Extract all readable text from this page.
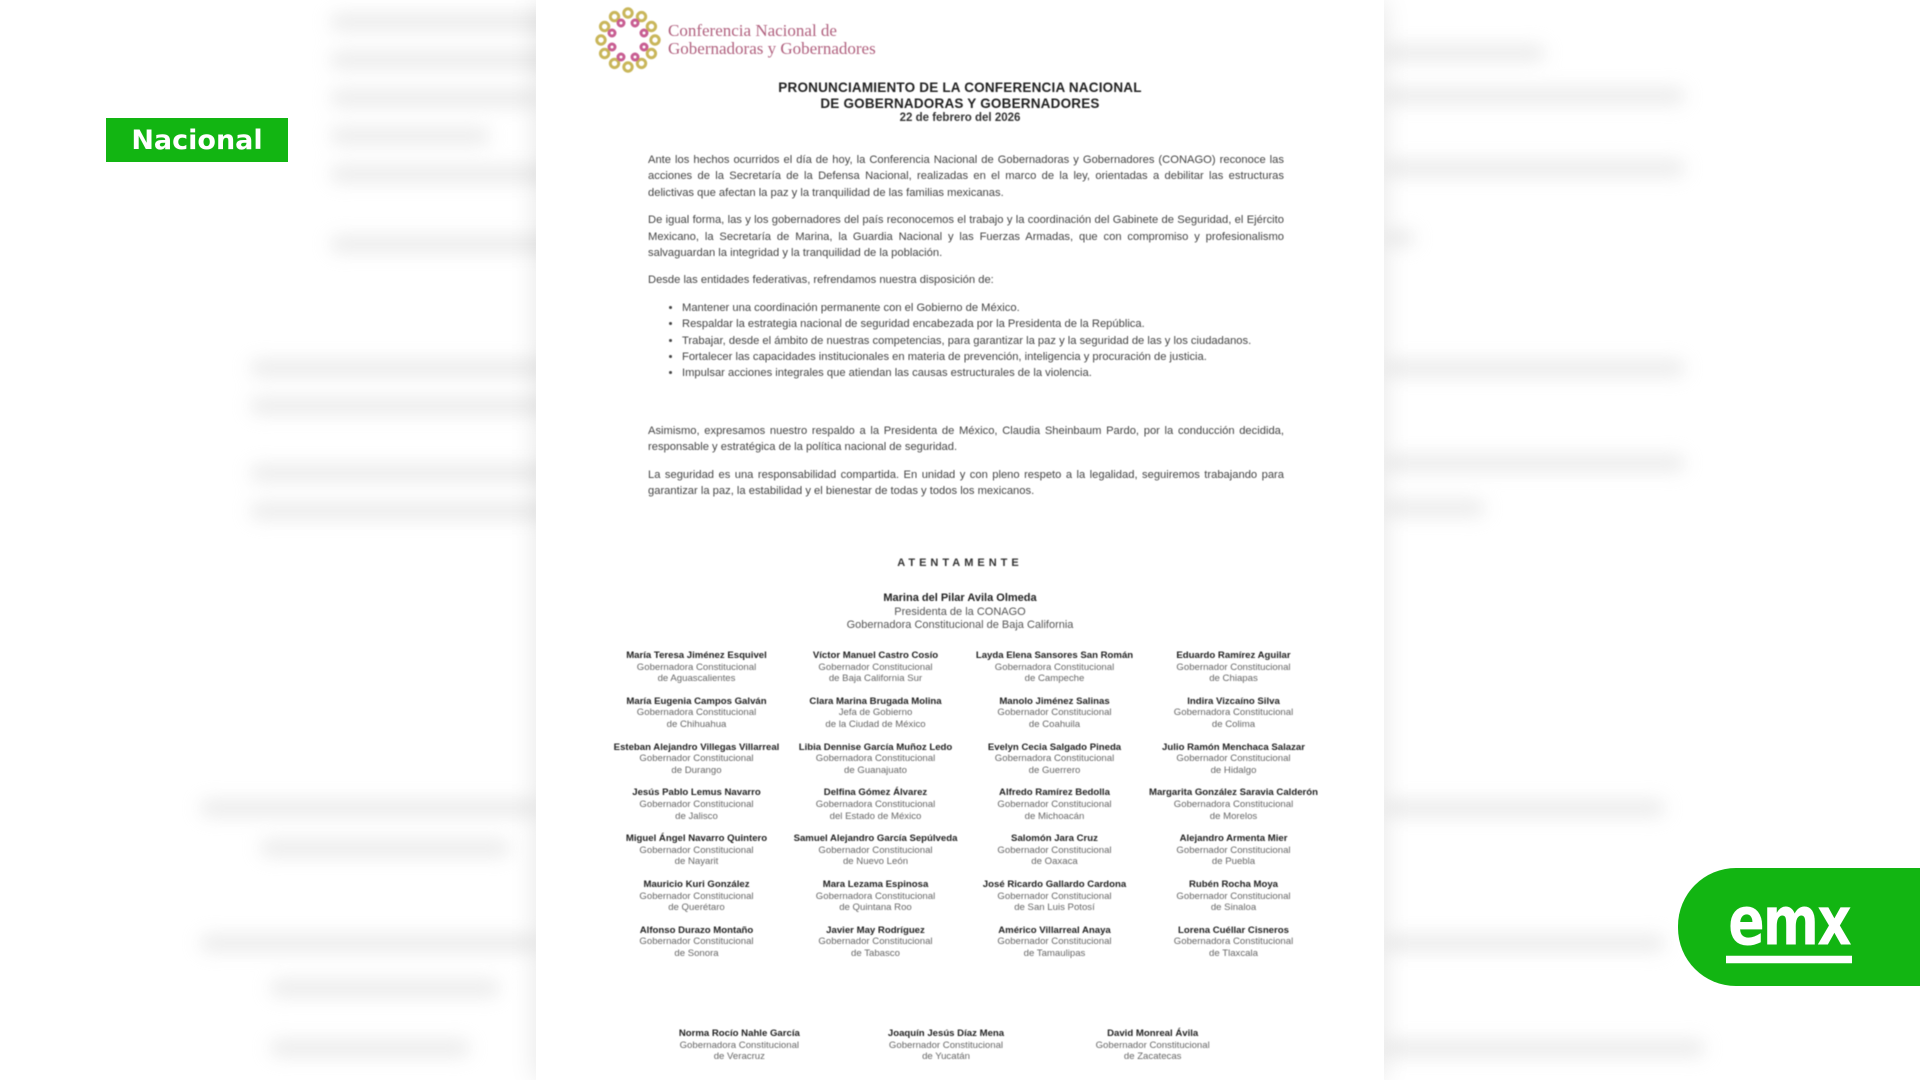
Conferencia Nacional de
Gobernadoras y Gobernadores
PRONUNCIAMIENTO DE LA CONFERENCIA NACIONAL
DE GOBERNADORAS Y GOBERNADORES
22 de febrero del 2026

Ante los hechos ocurridos el día de hoy, la Conferencia Nacional de Gobernadoras y Gobernadores (CONAGO) reconoce las acciones de la Secretaría de la Defensa Nacional, realizadas en el marco de la ley, orientadas a debilitar las estructuras delictivas que afectan la paz y la tranquilidad de las familias mexicanas.

De igual forma, las y los gobernadores del país reconocemos el trabajo y la coordinación del Gabinete de Seguridad, el Ejército Mexicano, la Secretaría de Marina, la Guardia Nacional y las Fuerzas Armadas, que con compromiso y profesionalismo salvaguardan la integridad y la tranquilidad de la población.

Desde las entidades federativas, refrendamos nuestra disposición de:

• Mantener una coordinación permanente con el Gobierno de México.
• Respaldar la estrategia nacional de seguridad encabezada por la Presidenta de la República.
• Trabajar, desde el ámbito de nuestras competencias, para garantizar la paz y la seguridad de las y los ciudadanos.
• Fortalecer las capacidades institucionales en materia de prevención, inteligencia y procuración de justicia.
• Impulsar acciones integrales que atiendan las causas estructurales de la violencia.

Asimismo, expresamos nuestro respaldo a la Presidenta de México, Claudia Sheinbaum Pardo, por la conducción decidida, responsable y estratégica de la política nacional de seguridad.

La seguridad es una responsabilidad compartida. En unidad y con pleno respeto a la legalidad, seguiremos trabajando para garantizar la paz, la estabilidad y el bienestar de todas y todos los mexicanos.

ATENTAMENTE
Marina del Pilar Avila Olmeda
Presidenta de la CONAGO
Gobernadora Constitucional de Baja California
María Teresa Jiménez Esquivel
Gobernadora Constitucional
de Aguascalientes
Víctor Manuel Castro Cosío
Gobernador Constitucional
de Baja California Sur
Layda Elena Sansores San Román
Gobernadora Constitucional
de Campeche
Eduardo Ramírez Aguilar
Gobernador Constitucional
de Chiapas
María Eugenia Campos Galván
Gobernadora Constitucional
de Chihuahua
Clara Marina Brugada Molina
Jefa de Gobierno
de la Ciudad de México
Manolo Jiménez Salinas
Gobernador Constitucional
de Coahuila
Indira Vizcaíno Silva
Gobernadora Constitucional
de Colima
Esteban Alejandro Villegas Villarreal
Gobernador Constitucional
de Durango
Libia Dennise García Muñoz Ledo
Gobernadora Constitucional
de Guanajuato
Evelyn Cecia Salgado Pineda
Gobernadora Constitucional
de Guerrero
Julio Ramón Menchaca Salazar
Gobernador Constitucional
de Hidalgo
Jesús Pablo Lemus Navarro
Gobernador Constitucional
de Jalisco
Delfina Gómez Álvarez
Gobernadora Constitucional
del Estado de México
Alfredo Ramírez Bedolla
Gobernador Constitucional
de Michoacán
Margarita González Saravia Calderón
Gobernadora Constitucional
de Morelos
Miguel Ángel Navarro Quintero
Gobernador Constitucional
de Nayarit
Samuel Alejandro García Sepúlveda
Gobernador Constitucional
de Nuevo León
Salomón Jara Cruz
Gobernador Constitucional
de Oaxaca
Alejandro Armenta Mier
Gobernador Constitucional
de Puebla
Mauricio Kuri González
Gobernador Constitucional
de Querétaro
Mara Lezama Espinosa
Gobernadora Constitucional
de Quintana Roo
José Ricardo Gallardo Cardona
Gobernador Constitucional
de San Luis Potosí
Rubén Rocha Moya
Gobernador Constitucional
de Sinaloa
Alfonso Durazo Montaño
Gobernador Constitucional
de Sonora
Javier May Rodríguez
Gobernador Constitucional
de Tabasco
Américo Villarreal Anaya
Gobernador Constitucional
de Tamaulipas
Lorena Cuéllar Cisneros
Gobernadora Constitucional
de Tlaxcala
Norma Rocío Nahle García
Gobernadora Constitucional
de Veracruz
Joaquín Jesús Díaz Mena
Gobernador Constitucional
de Yucatán
David Monreal Ávila
Gobernador Constitucional
de Zacatecas
Nacional
emx
